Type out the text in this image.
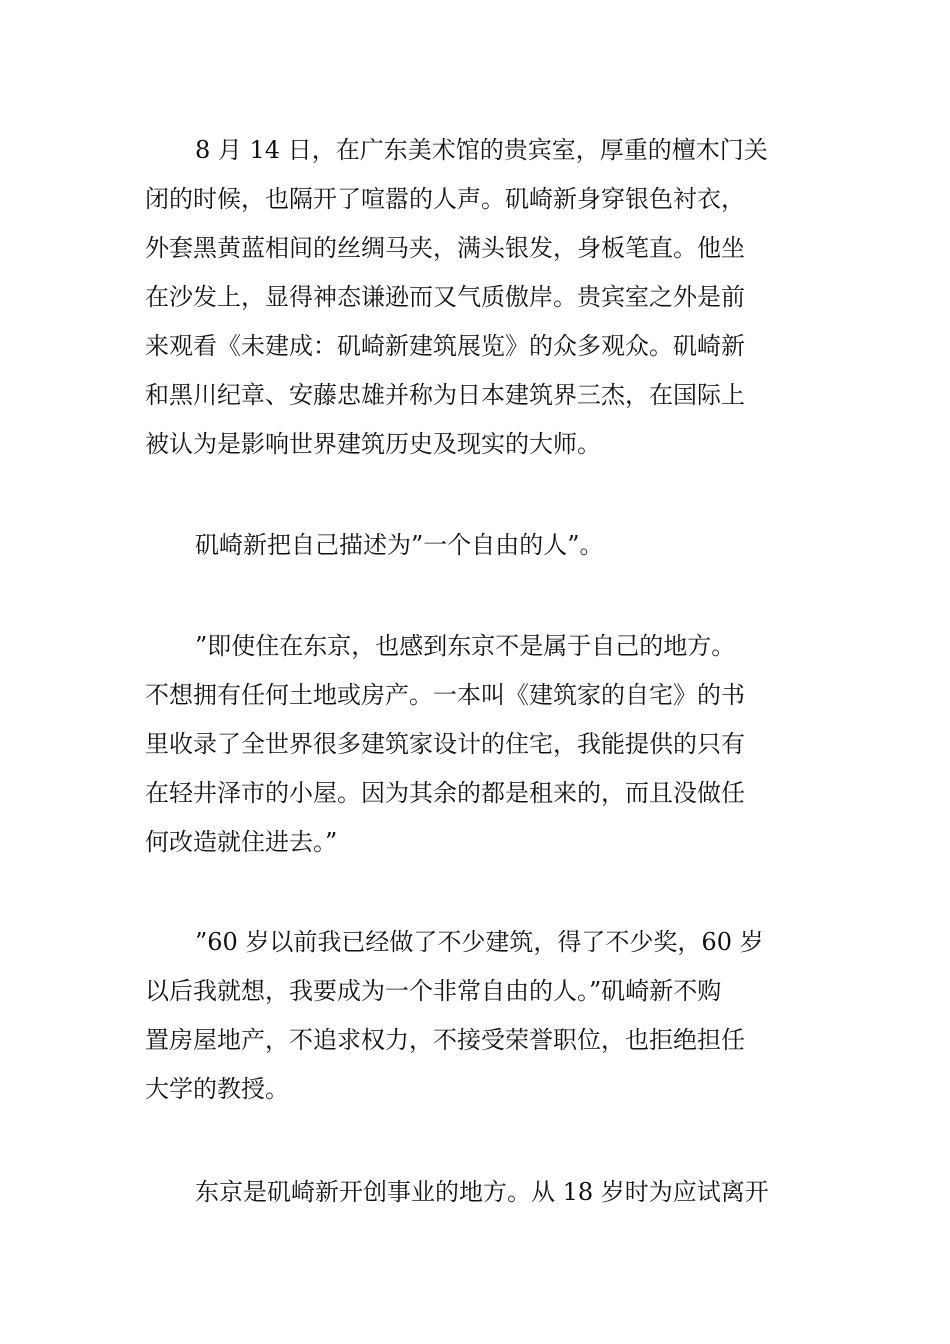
8 月 14 日，在广东美术馆的贵宾室，厚重的檀木门关
闭的时候，也隔开了喧嚣的人声。矶崎新身穿银色衬衣，
外套黑黄蓝相间的丝绸马夹，满头银发，身板笔直。他坐
在沙发上，显得神态谦逊而又气质傲岸。贵宾室之外是前
来观看《未建成：矶崎新建筑展览》的众多观众。矶崎新
和黑川纪章、安藤忠雄并称为日本建筑界三杰，在国际上
被认为是影响世界建筑历史及现实的大师。

矶崎新把自己描述为”一个自由的人”。

”即使住在东京，也感到东京不是属于自己的地方。
不想拥有任何土地或房产。一本叫《建筑家的自宅》的书
里收录了全世界很多建筑家设计的住宅，我能提供的只有
在轻井泽市的小屋。因为其余的都是租来的，而且没做任
何改造就住进去。”

”60 岁以前我已经做了不少建筑，得了不少奖，60 岁
以后我就想，我要成为一个非常自由的人。”矶崎新不购
置房屋地产，不追求权力，不接受荣誉职位，也拒绝担任
大学的教授。

东京是矶崎新开创事业的地方。从 18 岁时为应试离开
